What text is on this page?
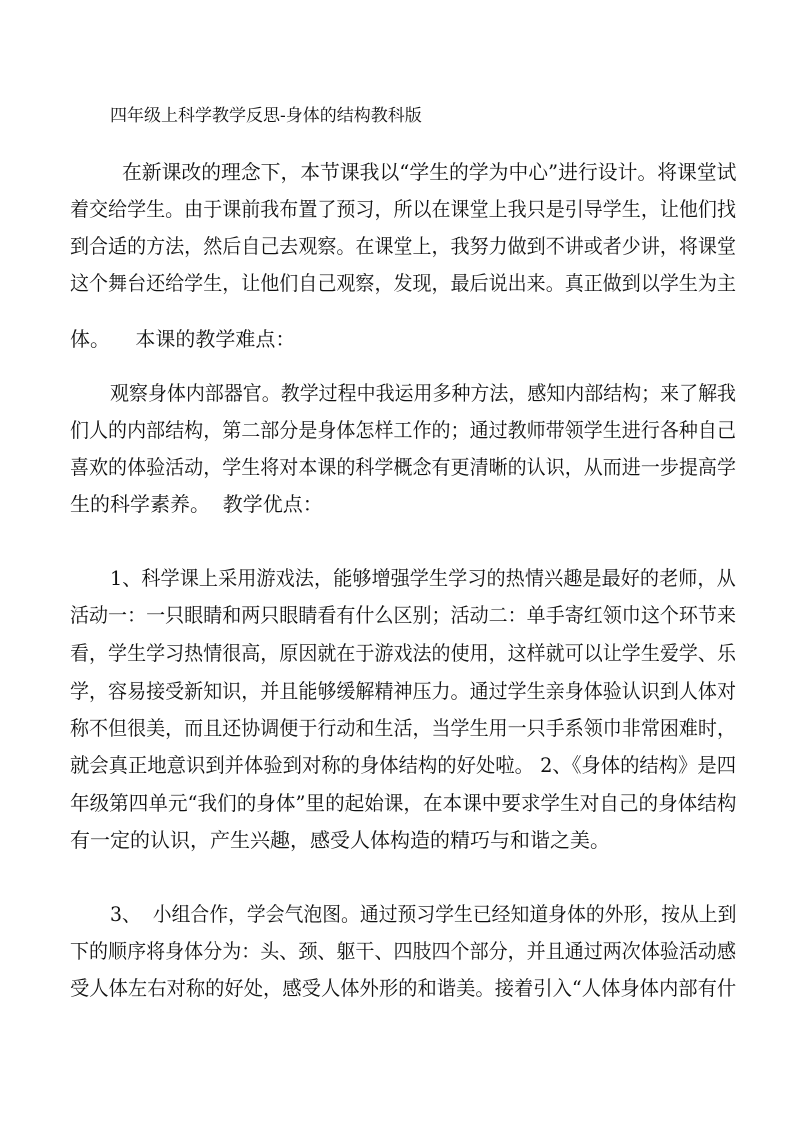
四年级上科学教学反思-身体的结构教科版
在新课改的理念下，本节课我以“学生的学为中心”进行设计。将课堂试
着交给学生。由于课前我布置了预习，所以在课堂上我只是引导学生，让他们找
到合适的方法，然后自己去观察。在课堂上，我努力做到不讲或者少讲，将课堂
这个舞台还给学生，让他们自己观察，发现，最后说出来。真正做到以学生为主
体。    本课的教学难点：
观察身体内部器官。教学过程中我运用多种方法，感知内部结构；来了解我
们人的内部结构，第二部分是身体怎样工作的；通过教师带领学生进行各种自己
喜欢的体验活动，学生将对本课的科学概念有更清晰的认识，从而进一步提高学
生的科学素养。  教学优点：
1、科学课上采用游戏法，能够增强学生学习的热情兴趣是最好的老师，从
活动一：一只眼睛和两只眼睛看有什么区别；活动二：单手寄红领巾这个环节来
看，学生学习热情很高，原因就在于游戏法的使用，这样就可以让学生爱学、乐
学，容易接受新知识，并且能够缓解精神压力。通过学生亲身体验认识到人体对
称不但很美，而且还协调便于行动和生活，当学生用一只手系领巾非常困难时，
就会真正地意识到并体验到对称的身体结构的好处啦。 2、《身体的结构》是四
年级第四单元“我们的身体”里的起始课，在本课中要求学生对自己的身体结构
有一定的认识，产生兴趣，感受人体构造的精巧与和谐之美。
3、  小组合作，学会气泡图。通过预习学生已经知道身体的外形，按从上到
下的顺序将身体分为：头、颈、躯干、四肢四个部分，并且通过两次体验活动感
受人体左右对称的好处，感受人体外形的和谐美。接着引入“人体身体内部有什
